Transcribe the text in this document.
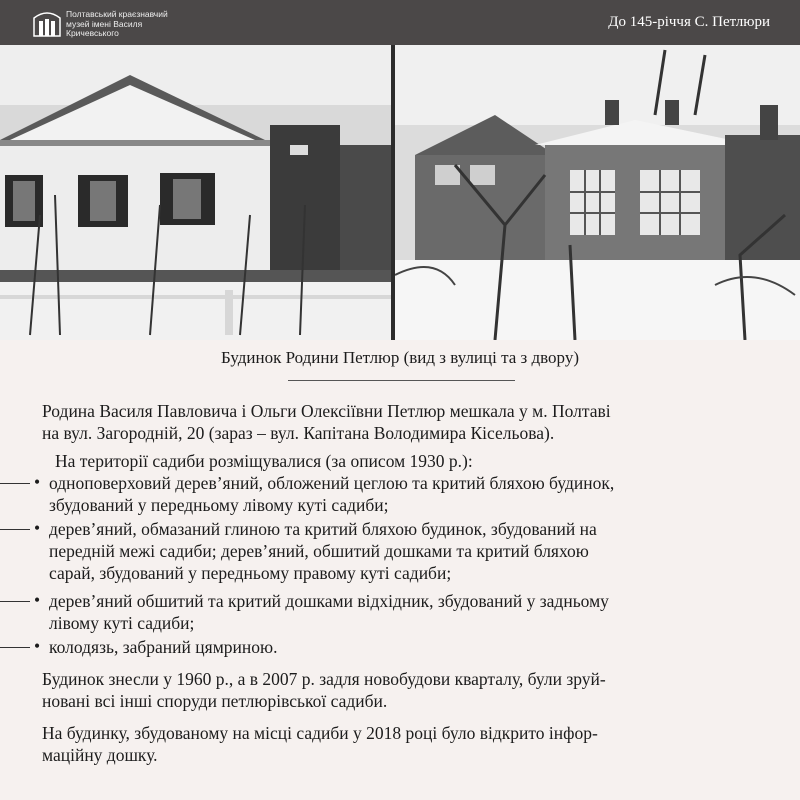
Полтавський краєзнавчий
музей імені Василя
Кричевського
До 145-річчя С. Петлюри
Будинок Родини Петлюр (вид з вулиці та з двору)
Родина Василя Павловича і Ольги Олексіївни Петлюр мешкала у м. Полтаві
на вул. Загородній, 20 (зараз – вул. Капітана Володимира Кісельова).
На території садиби розміщувалися (за описом 1930 р.):
• одноповерховий дерев’яний, обложений цеглою та критий бляхою будинок,
збудований у передньому лівому куті садиби;
• дерев’яний, обмазаний глиною та критий бляхою будинок, збудований на
передній межі садиби; дерев’яний, обшитий дошками та критий бляхою
сарай, збудований у передньому правому куті садиби;
• дерев’яний обшитий та критий дошками відхідник, збудований у задньому
лівому куті садиби;
• колодязь, забраний цямриною.
Будинок знесли у 1960 р., а в 2007 р. задля новобудови кварталу, були зруй-
новані всі інші споруди петлюрівської садиби.
На будинку, збудованому на місці садиби у 2018 році було відкрито інфор-
маційну дошку.
